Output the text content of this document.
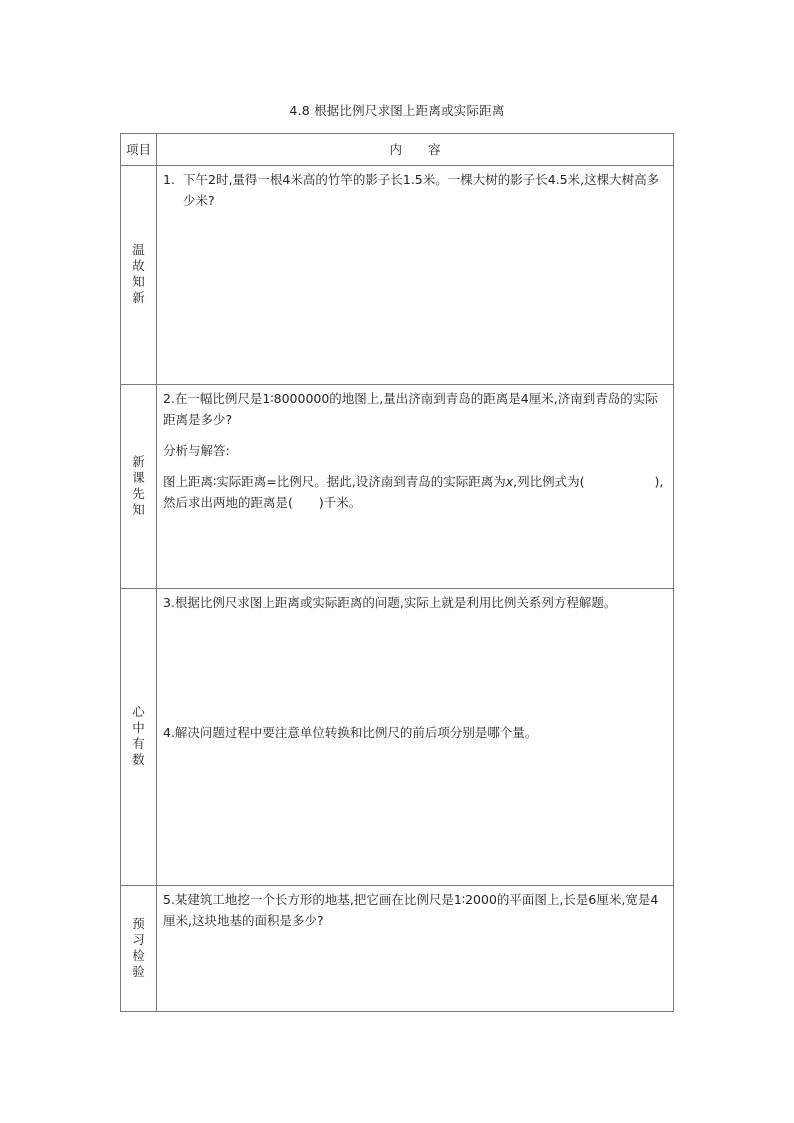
4.8 根据比例尺求图上距离或实际距离
项目	内 容
温故知新	1. 下午2时,量得一根4米高的竹竿的影子长1.5米。一棵大树的影子长4.5米,这棵大树高多少米?

新课先知	2.在一幅比例尺是1∶8000000的地图上,量出济南到青岛的距离是4厘米,济南到青岛的实际距离是多少?

分析与解答:

图上距离∶实际距离=比例尺。据此,设济南到青岛的实际距离为x,列比例式为( ),然后求出两地的距离是( )千米。

心中有数	3.根据比例尺求图上距离或实际距离的问题,实际上就是利用比例关系列方程解题。

4.解决问题过程中要注意单位转换和比例尺的前后项分别是哪个量。

预习检验	5.某建筑工地挖一个长方形的地基,把它画在比例尺是1∶2000的平面图上,长是6厘米,宽是4厘米,这块地基的面积是多少?
